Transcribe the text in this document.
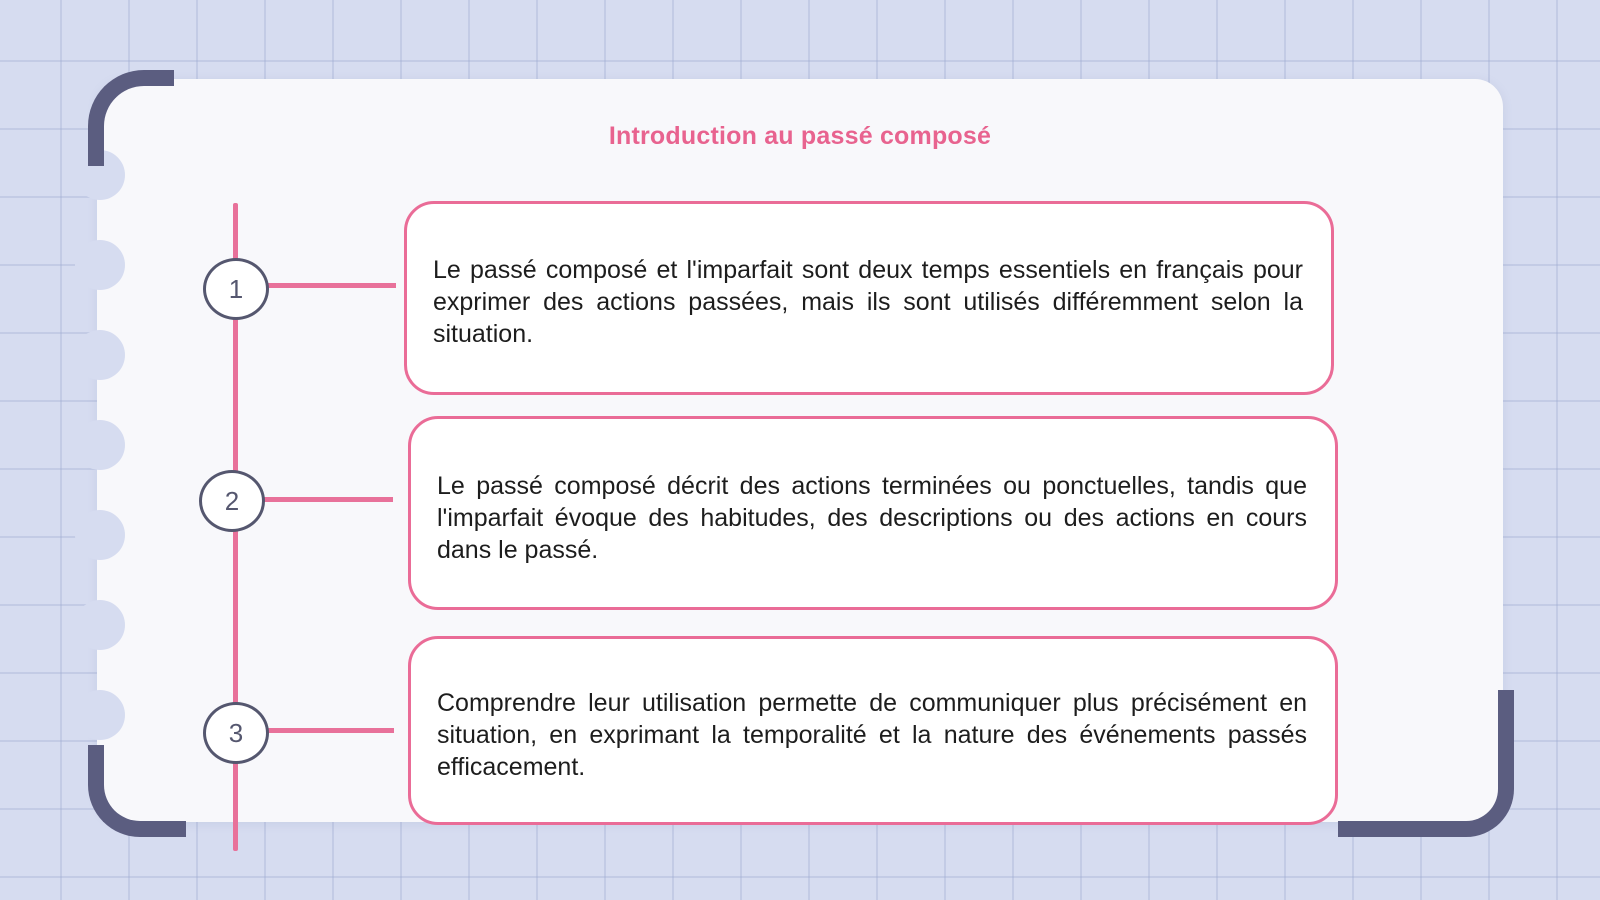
Introduction au passé composé
1
2
3
Le passé composé et l'imparfait sont deux temps essentiels en français pour exprimer des actions passées, mais ils sont utilisés différemment selon la situation.
Le passé composé décrit des actions terminées ou ponctuelles, tandis que l'imparfait évoque des habitudes, des descriptions ou des actions en cours dans le passé.
Comprendre leur utilisation permette de communiquer plus précisément en situation, en exprimant la temporalité et la nature des événements passés efficacement.
